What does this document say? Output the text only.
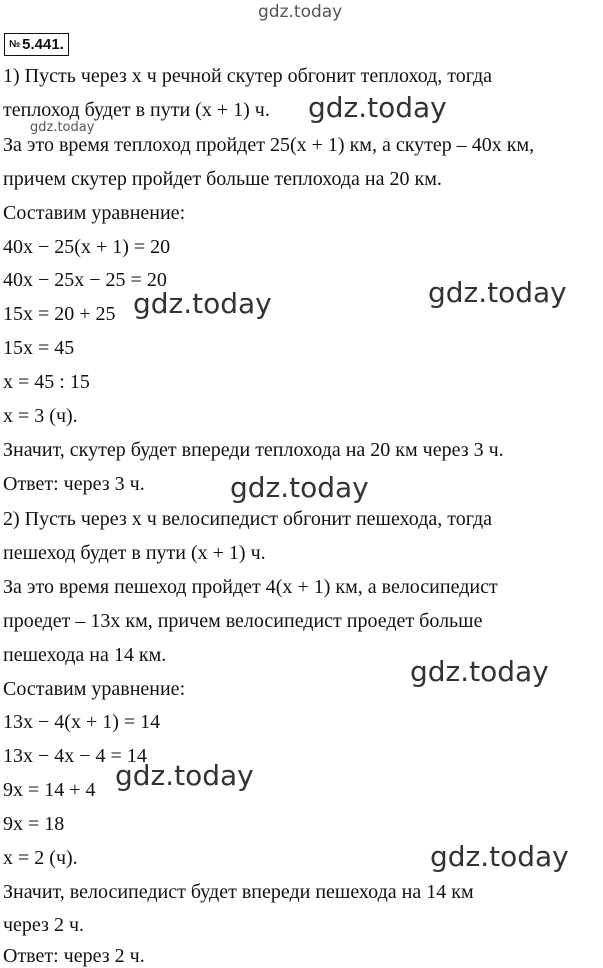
gdz.today
№ 5.441.
1) Пусть через x ч речной скутер обгонит теплоход, тогда
теплоход будет в пути (x + 1) ч.
За это время теплоход пройдет 25(x + 1) км, а скутер – 40x км,
причем скутер пройдет больше теплохода на 20 км.
Составим уравнение:
40x − 25(x + 1) = 20
40x − 25x − 25 = 20
15x = 20 + 25
15x = 45
x = 45 : 15
x = 3 (ч).
Значит, скутер будет впереди теплохода на 20 км через 3 ч.
Ответ: через 3 ч.
2) Пусть через x ч велосипедист обгонит пешехода, тогда
пешеход будет в пути (x + 1) ч.
За это время пешеход пройдет 4(x + 1) км, а велосипедист
проедет – 13x км, причем велосипедист проедет больше
пешехода на 14 км.
Составим уравнение:
13x − 4(x + 1) = 14
13x − 4x − 4 = 14
9x = 14 + 4
9x = 18
x = 2 (ч).
Значит, велосипедист будет впереди пешехода на 14 км
через 2 ч.
Ответ: через 2 ч.
gdz.today
gdz.today
gdz.today
gdz.today
gdz.today
gdz.today
gdz.today
gdz.today
